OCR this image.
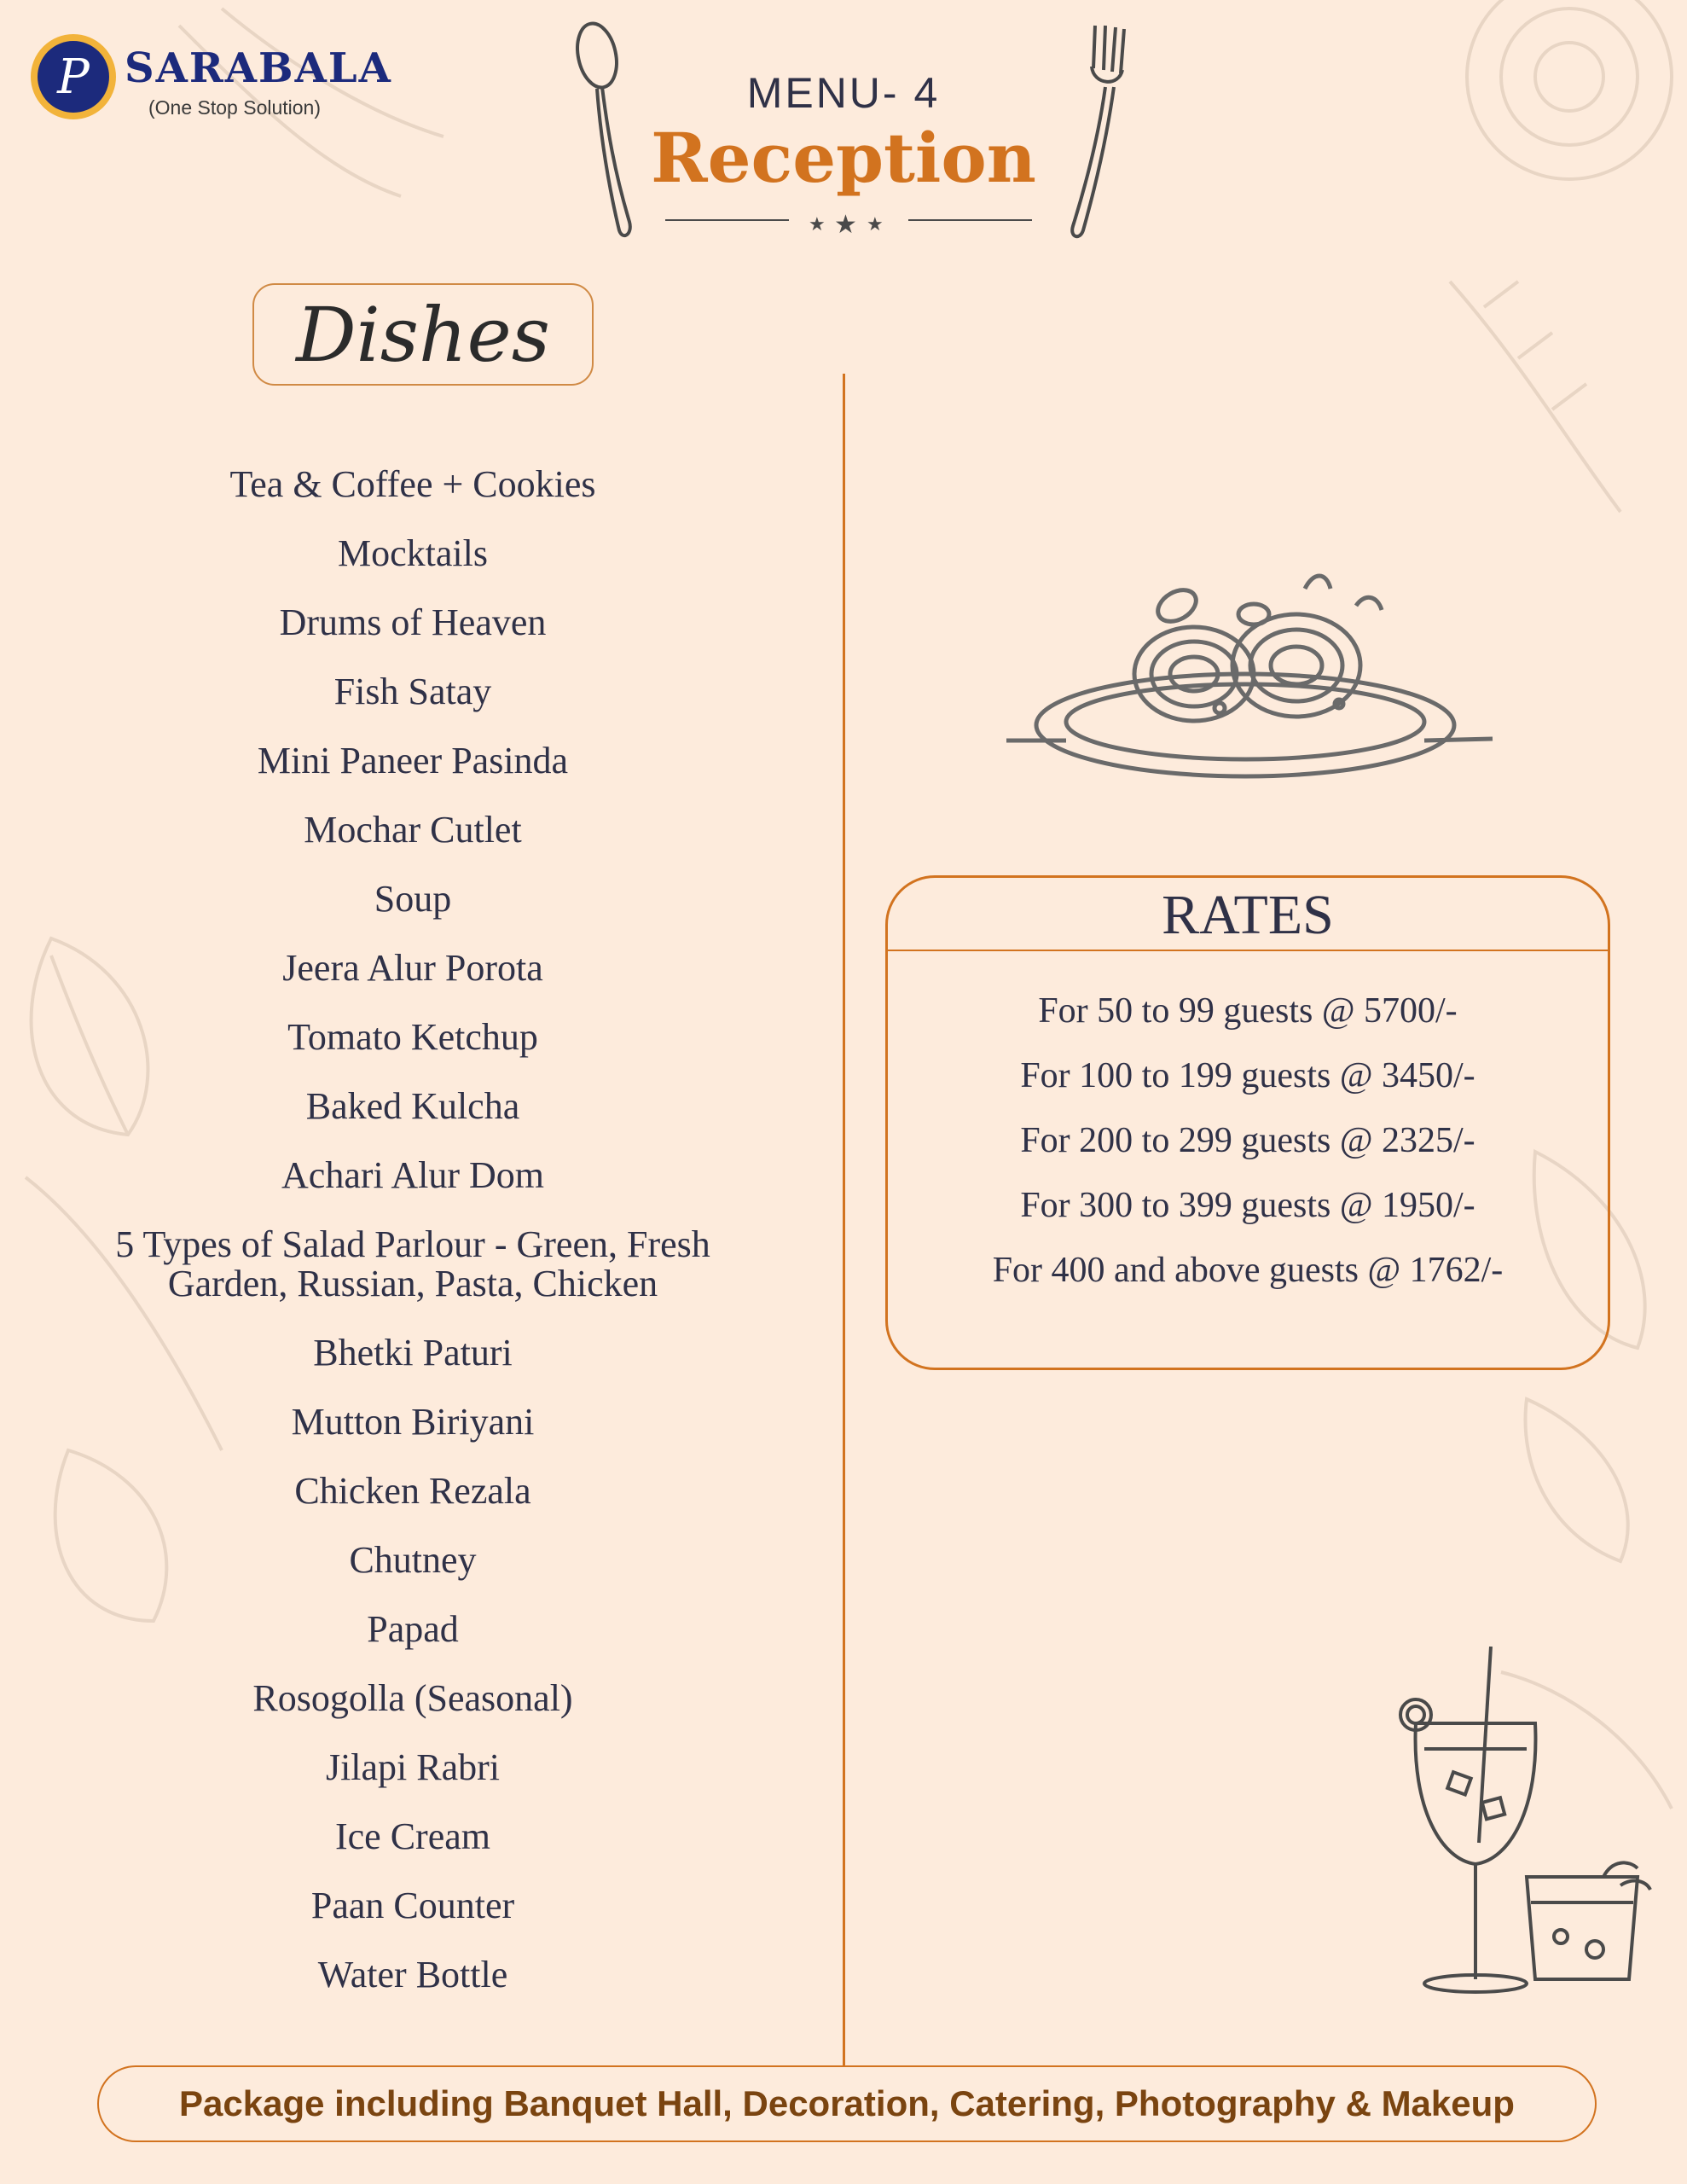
P SARABALA
(One Stop Solution)	MENU- 4
Reception
★ ★ ★
Dishes
Tea & Coffee + Cookies
Mocktails
Drums of Heaven
Fish Satay
Mini Paneer Pasinda
Mochar Cutlet
Soup
Jeera Alur Porota
Tomato Ketchup
Baked Kulcha
Achari Alur Dom
5 Types of Salad Parlour - Green, Fresh
Garden, Russian, Pasta, Chicken
Bhetki Paturi
Mutton Biriyani
Chicken Rezala
Chutney
Papad
Rosogolla (Seasonal)
Jilapi Rabri
Ice Cream
Paan Counter
Water Bottle
RATES
For 50 to 99 guests @ 5700/-
For 100 to 199 guests @ 3450/-
For 200 to 299 guests @ 2325/-
For 300 to 399 guests @ 1950/-
For 400 and above guests @ 1762/-
Package including Banquet Hall, Decoration, Catering, Photography & Makeup
